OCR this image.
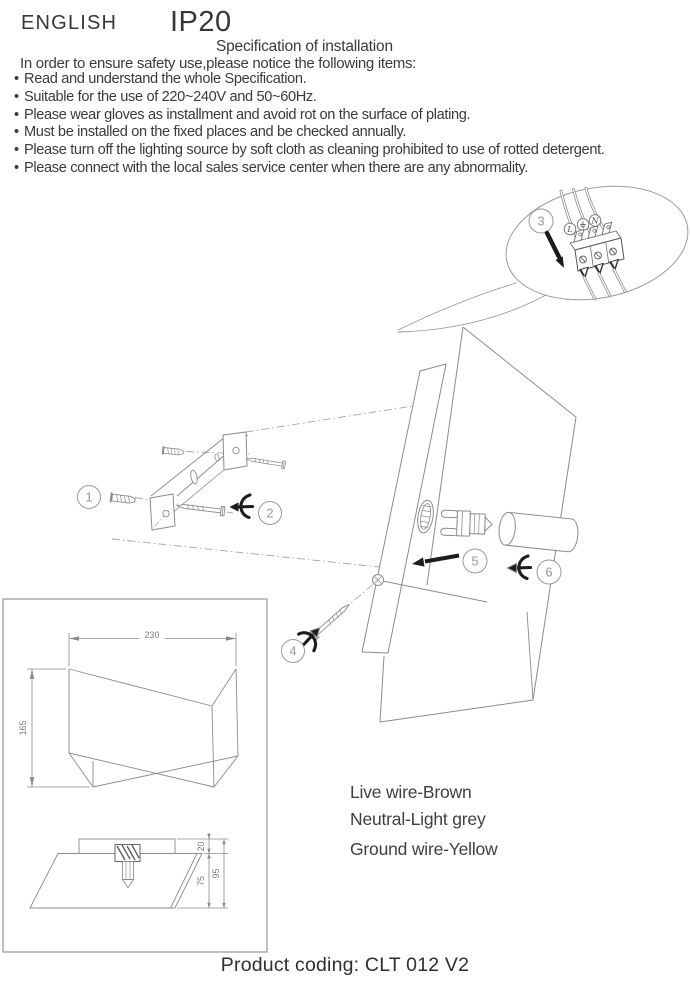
ENGLISH IP20
Specification of installation
In order to ensure safety use,please notice the following items:
• Read and understand the whole Specification.
• Suitable for the use of 220~240V and 50~60Hz.
• Please wear gloves as installment and avoid rot on the surface of plating.
• Must be installed on the fixed places and be checked annually.
• Please turn off the lighting source by soft cloth as cleaning prohibited to use of rotted detergent.
• Please connect with the local sales service center when there are any abnormality.
L
N
3
1
2
5
6
4
230
165
20
75
95
Live wire-Brown
Neutral-Light grey
Ground wire-Yellow
Product coding: CLT 012 V2
